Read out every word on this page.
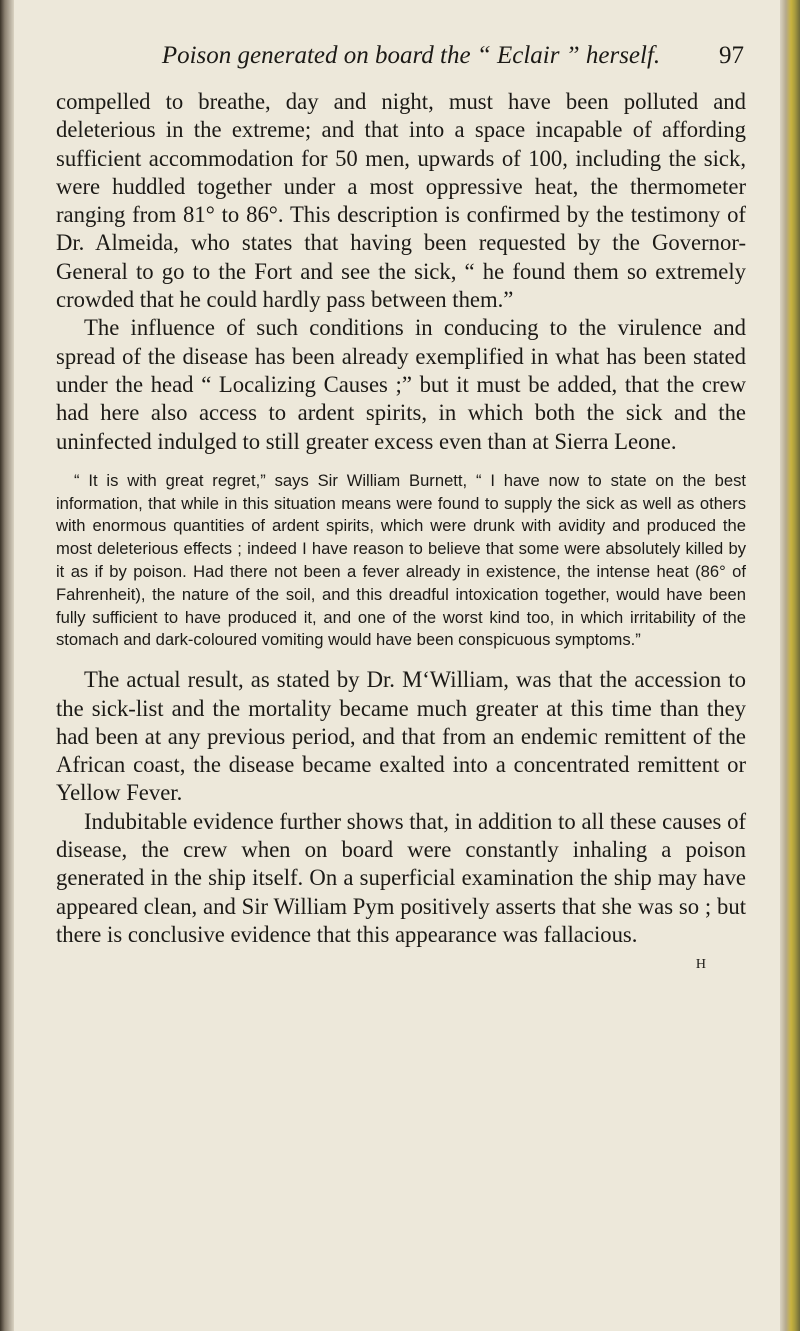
Poison generated on board the “ Eclair ” herself. 97

compelled to breathe, day and night, must have been polluted and deleterious in the extreme; and that into a space incapable of affording sufficient accommodation for 50 men, upwards of 100, including the sick, were huddled together under a most oppressive heat, the thermometer ranging from 81° to 86°. This description is confirmed by the testimony of Dr. Almeida, who states that having been requested by the Governor-General to go to the Fort and see the sick, “ he found them so extremely crowded that he could hardly pass between them.”

The influence of such conditions in conducing to the virulence and spread of the disease has been already exemplified in what has been stated under the head “ Localizing Causes ;” but it must be added, that the crew had here also access to ardent spirits, in which both the sick and the uninfected indulged to still greater excess even than at Sierra Leone.

“ It is with great regret,” says Sir William Burnett, “ I have now to state on the best information, that while in this situation means were found to supply the sick as well as others with enormous quantities of ardent spirits, which were drunk with avidity and produced the most deleterious effects ; indeed I have reason to believe that some were absolutely killed by it as if by poison. Had there not been a fever already in existence, the intense heat (86° of Fahrenheit), the nature of the soil, and this dreadful intoxication together, would have been fully sufficient to have produced it, and one of the worst kind too, in which irritability of the stomach and dark-coloured vomiting would have been conspicuous symptoms.”

The actual result, as stated by Dr. M‘William, was that the accession to the sick-list and the mortality became much greater at this time than they had been at any previous period, and that from an endemic remittent of the African coast, the disease became exalted into a concentrated remittent or Yellow Fever.

Indubitable evidence further shows that, in addition to all these causes of disease, the crew when on board were constantly inhaling a poison generated in the ship itself. On a superficial examination the ship may have appeared clean, and Sir William Pym positively asserts that she was so ; but there is conclusive evidence that this appearance was fallacious.

H
